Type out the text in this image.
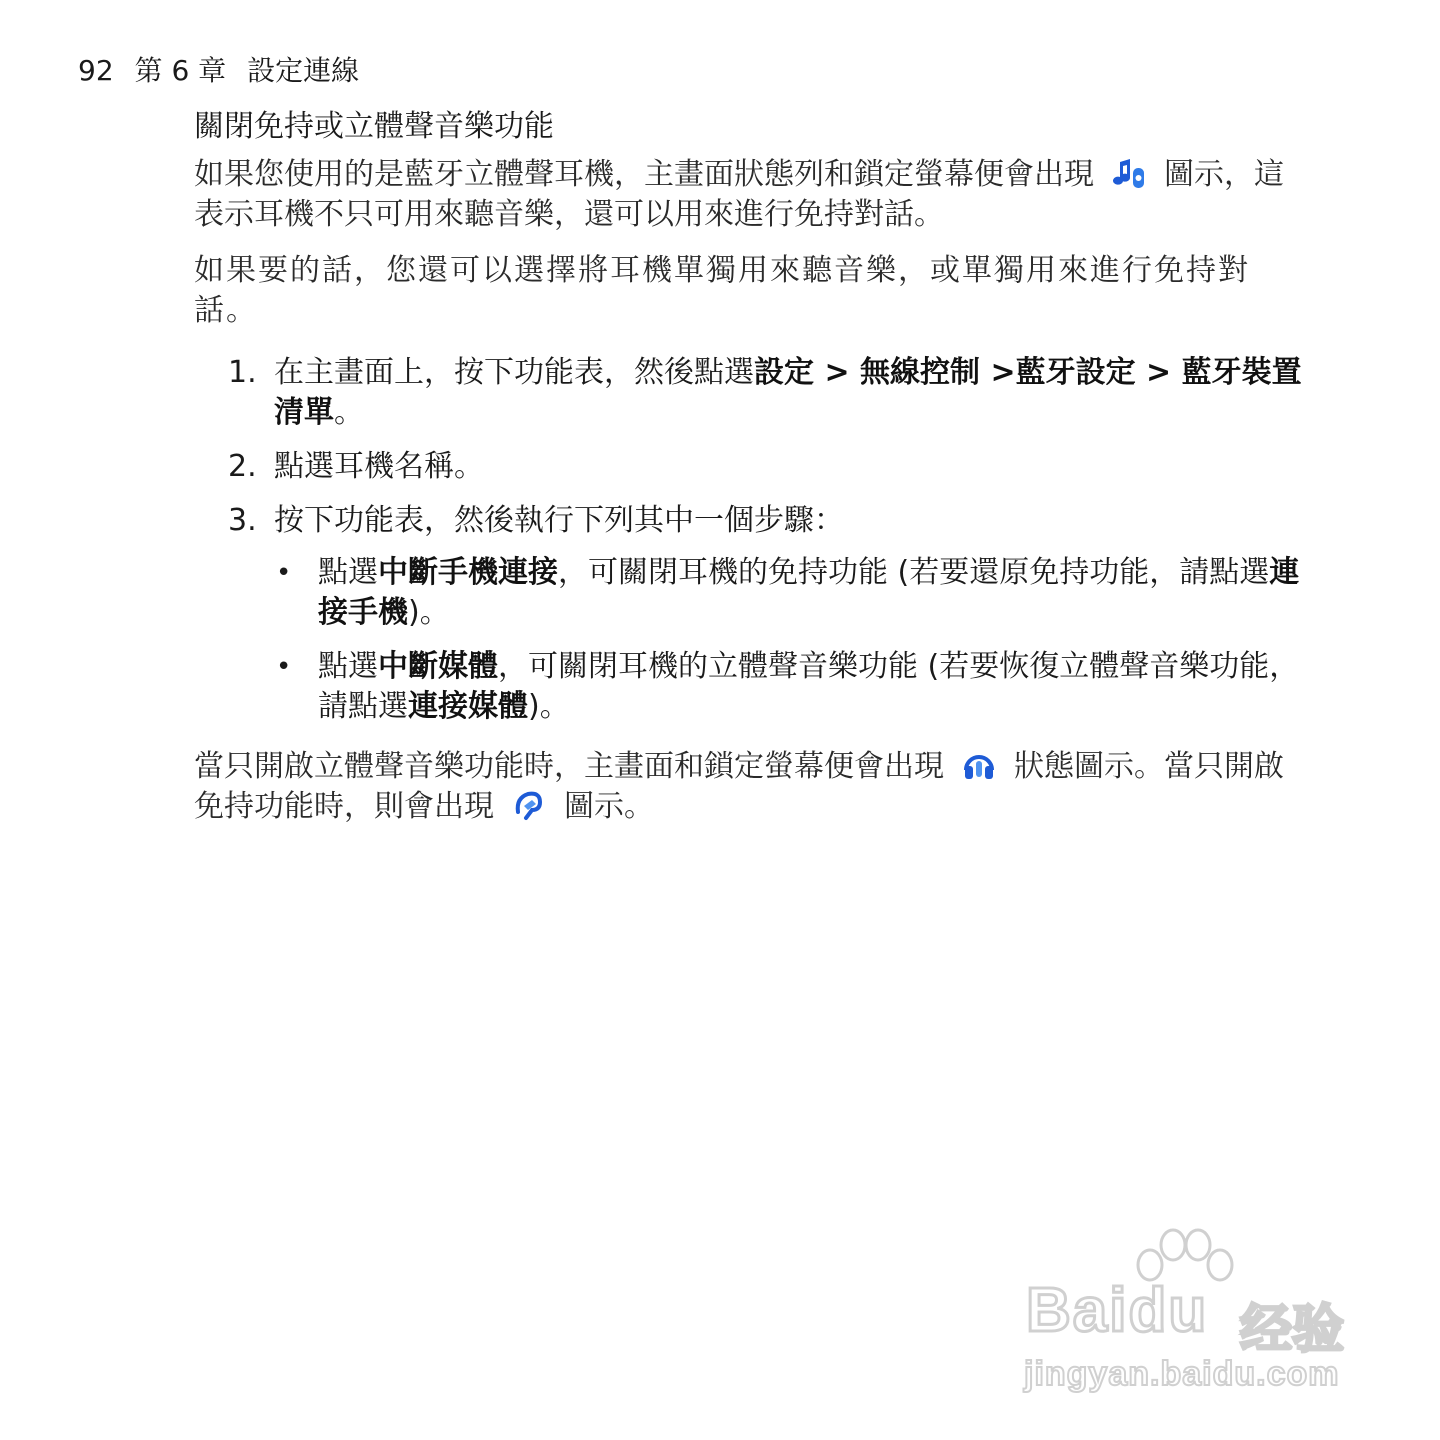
92 第 6 章 設定連線
關閉免持或立體聲音樂功能

如果您使用的是藍牙立體聲耳機，主畫面狀態列和鎖定螢幕便會出現 圖示，這表示耳機不只可用來聽音樂，還可以用來進行免持對話。

如果要的話，您還可以選擇將耳機單獨用來聽音樂，或單獨用來進行免持對話。

1. 在主畫面上，按下功能表，然後點選設定 > 無線控制 >藍牙設定 > 藍牙裝置清單。
2. 點選耳機名稱。
3. 按下功能表，然後執行下列其中一個步驟：
• 點選中斷手機連接，可關閉耳機的免持功能 (若要還原免持功能，請點選連接手機)。
• 點選中斷媒體，可關閉耳機的立體聲音樂功能 (若要恢復立體聲音樂功能，請點選連接媒體)。

當只開啟立體聲音樂功能時，主畫面和鎖定螢幕便會出現 狀態圖示。當只開啟免持功能時，則會出現 圖示。

Baidu 经验
jingyan.baidu.com
